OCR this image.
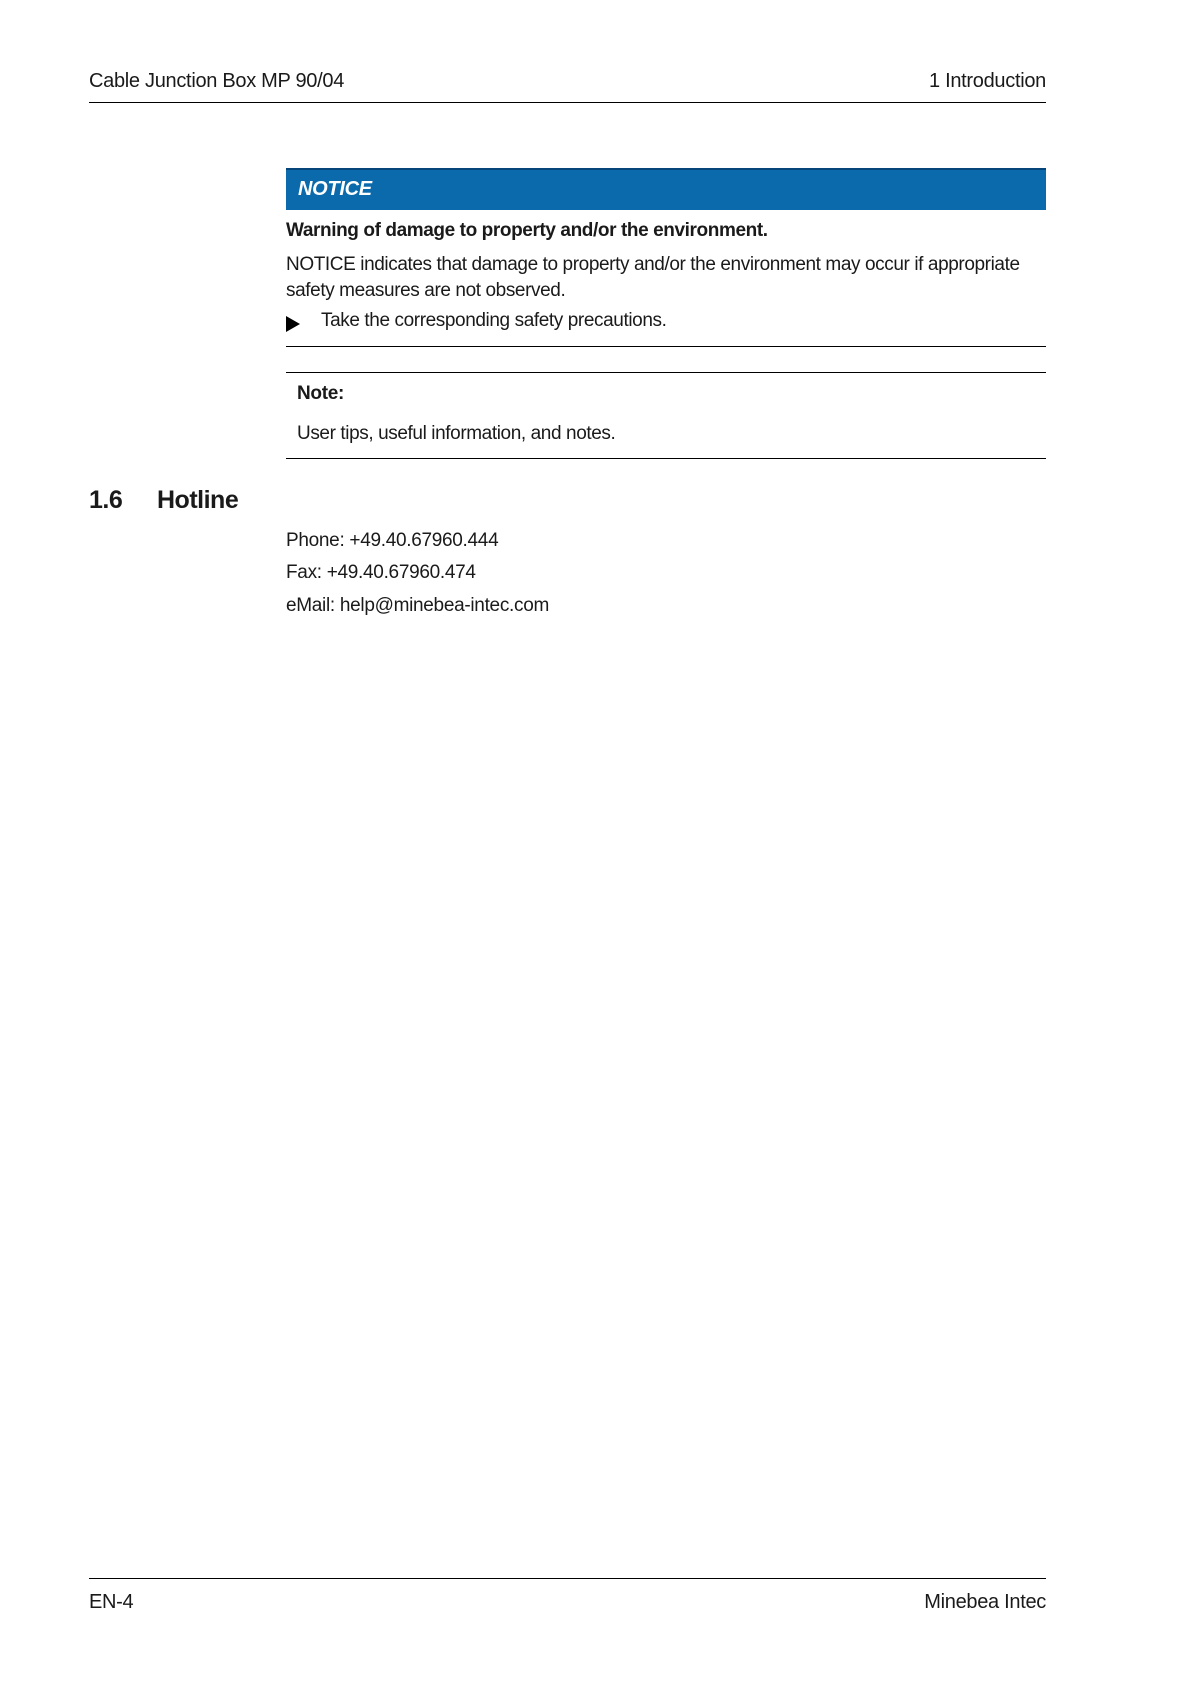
Cable Junction Box MP 90/04	1 Introduction
NOTICE
Warning of damage to property and/or the environment.
NOTICE indicates that damage to property and/or the environment may occur if appropriate safety measures are not observed.
Take the corresponding safety precautions.
Note:
User tips, useful information, and notes.
1.6 Hotline
Phone: +49.40.67960.444
Fax: +49.40.67960.474
eMail: help@minebea-intec.com
EN-4	Minebea Intec
